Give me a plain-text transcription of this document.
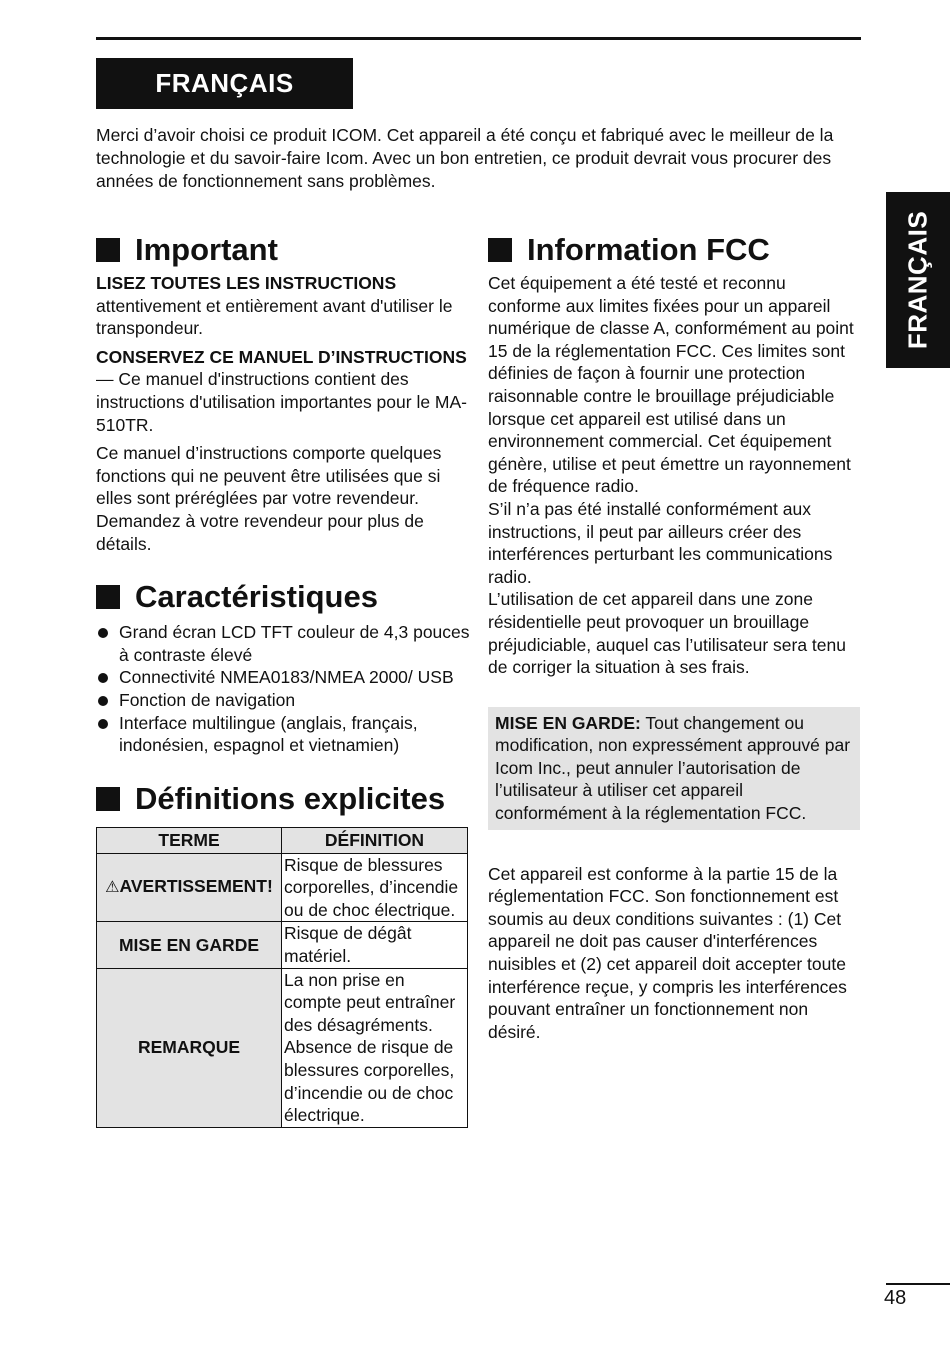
FRANÇAIS

Merci d’avoir choisi ce produit ICOM. Cet appareil a été conçu et fabriqué avec le meilleur de la technologie et du savoir-faire Icom. Avec un bon entretien, ce produit devrait vous procurer des années de fonctionnement sans problèmes.

FRANÇAIS
Important

LISEZ TOUTES LES INSTRUCTIONS

attentivement et entièrement avant d'utiliser le transpondeur.

CONSERVEZ CE MANUEL D’INSTRUCTIONS — Ce manuel d'instructions contient des instructions d'utilisation importantes pour le MA-510TR.

Ce manuel d’instructions comporte quelques fonctions qui ne peuvent être utilisées que si elles sont préréglées par votre revendeur.

Demandez à votre revendeur pour plus de détails.

Caractéristiques
Grand écran LCD TFT couleur de 4,3 pouces à contraste élevé
Connectivité NMEA0183/NMEA 2000/ USB
Fonction de navigation
Interface multilingue (anglais, français, indonésien, espagnol et vietnamien)
Définitions explicites
TERME	DÉFINITION
⚠AVERTISSEMENT!	Risque de blessures corporelles, d’incendie ou de choc électrique.
MISE EN GARDE	Risque de dégât matériel.
REMARQUE	La non prise en compte peut entraîner des désagréments. Absence de risque de blessures corporelles, d’incendie ou de choc électrique.
Information FCC

Cet équipement a été testé et reconnu conforme aux limites fixées pour un appareil numérique de classe A, conformément au point 15 de la réglementation FCC. Ces limites sont définies de façon à fournir une protection raisonnable contre le brouillage préjudiciable lorsque cet appareil est utilisé dans un environnement commercial. Cet équipement génère, utilise et peut émettre un rayonnement de fréquence radio.

S’il n’a pas été installé conformément aux instructions, il peut par ailleurs créer des interférences perturbant les communications radio.

L’utilisation de cet appareil dans une zone résidentielle peut provoquer un brouillage préjudiciable, auquel cas l’utilisateur sera tenu de corriger la situation à ses frais.

MISE EN GARDE: Tout changement ou modification, non expressément approuvé par Icom Inc., peut annuler l’autorisation de l’utilisateur à utiliser cet appareil conformément à la réglementation FCC.

Cet appareil est conforme à la partie 15 de la réglementation FCC. Son fonctionnement est soumis au deux conditions suivantes : (1) Cet appareil ne doit pas causer d'interférences nuisibles et (2) cet appareil doit accepter toute interférence reçue, y compris les interférences pouvant entraîner un fonctionnement non désiré.

48
